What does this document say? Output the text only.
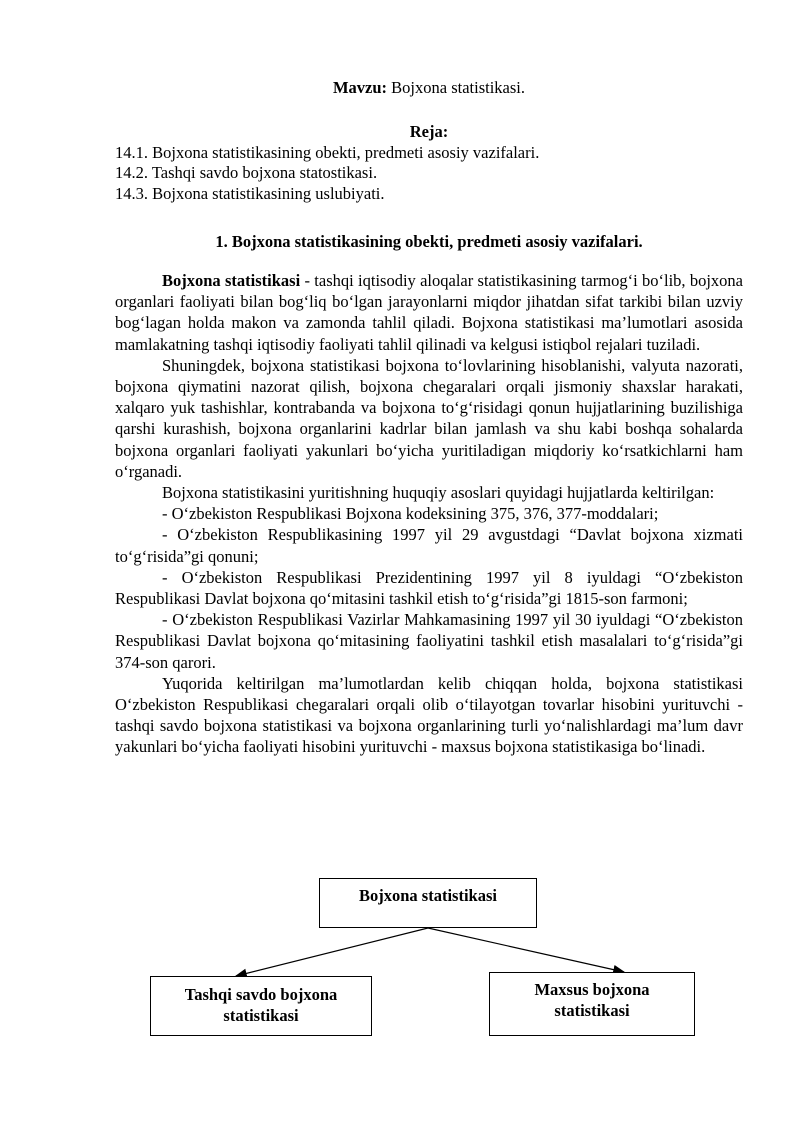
Mavzu: Bojxona statistikasi.
Reja:
14.1. Bojxona statistikasining obekti, predmeti asosiy vazifalari.
14.2. Tashqi savdo bojxona statostikasi.
14.3. Bojxona statistikasining uslubiyati.
1. Bojxona statistikasining obekti, predmeti asosiy vazifalari.

Bojxona statistikasi - tashqi iqtisodiy aloqalar statistikasining tarmog‘i bo‘lib, bojxona organlari faoliyati bilan bog‘liq bo‘lgan jarayonlarni miqdor jihatdan sifat tarkibi bilan uzviy bog‘lagan holda makon va zamonda tahlil qiladi. Bojxona statistikasi ma’lumotlari asosida mamlakatning tashqi iqtisodiy faoliyati tahlil qilinadi va kelgusi istiqbol rejalari tuziladi.

Shuningdek, bojxona statistikasi bojxona to‘lovlarining hisoblanishi, valyuta nazorati, bojxona qiymatini nazorat qilish, bojxona chegaralari orqali jismoniy shaxslar harakati, xalqaro yuk tashishlar, kontrabanda va bojxona to‘g‘risidagi qonun hujjatlarining buzilishiga qarshi kurashish, bojxona organlarini kadrlar bilan jamlash va shu kabi boshqa sohalarda bojxona organlari faoliyati yakunlari bo‘yicha yuritiladigan miqdoriy ko‘rsatkichlarni ham o‘rganadi.

Bojxona statistikasini yuritishning huquqiy asoslari quyidagi hujjatlarda keltirilgan:

- O‘zbekiston Respublikasi Bojxona kodeksining 375, 376, 377-moddalari;

- O‘zbekiston Respublikasining 1997 yil 29 avgustdagi “Davlat bojxona xizmati to‘g‘risida”gi qonuni;

- O‘zbekiston Respublikasi Prezidentining 1997 yil 8 iyuldagi “O‘zbekiston Respublikasi Davlat bojxona qo‘mitasini tashkil etish to‘g‘risida”gi 1815-son farmoni;

- O‘zbekiston Respublikasi Vazirlar Mahkamasining 1997 yil 30 iyuldagi “O‘zbekiston Respublikasi Davlat bojxona qo‘mitasining faoliyatini tashkil etish masalalari to‘g‘risida”gi 374-son qarori.

Yuqorida keltirilgan ma’lumotlardan kelib chiqqan holda, bojxona statistikasi O‘zbekiston Respublikasi chegaralari orqali olib o‘tilayotgan tovarlar hisobini yurituvchi - tashqi savdo bojxona statistikasi va bojxona organlarining turli yo‘nalishlardagi ma’lum davr yakunlari bo‘yicha faoliyati hisobini yurituvchi - maxsus bojxona statistikasiga bo‘linadi.

Bojxona statistikasi
Tashqi savdo bojxona
statistikasi
Maxsus bojxona
statistikasi
